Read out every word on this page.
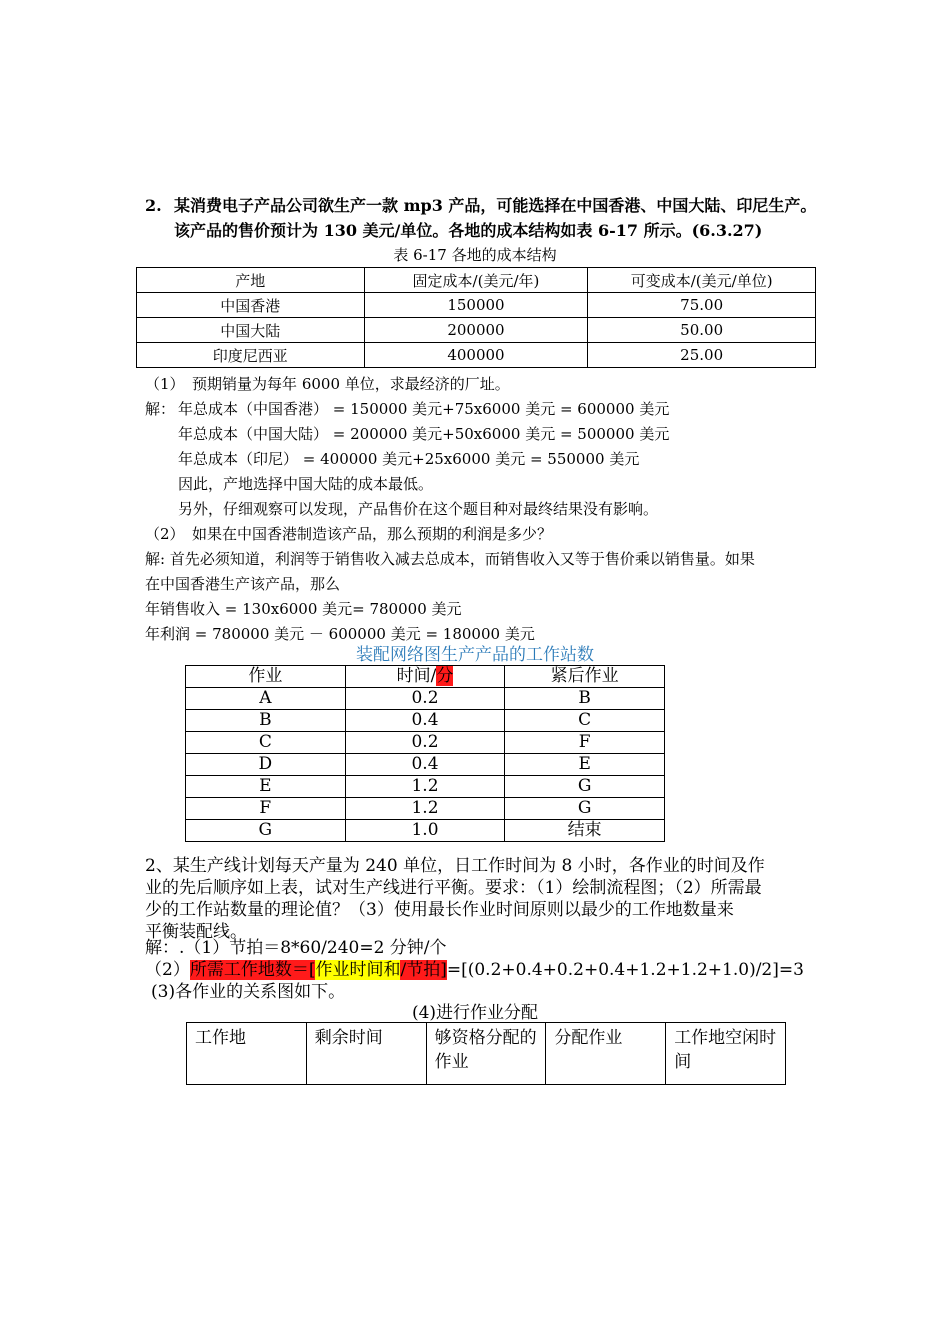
2. 某消费电子产品公司欲生产一款 mp3 产品，可能选择在中国香港、中国大陆、印尼生产。
该产品的售价预计为 130 美元/单位。各地的成本结构如表 6-17 所示。(6.3.27)
表 6-17 各地的成本结构
产地	固定成本/(美元/年)	可变成本/(美元/单位)
中国香港	150000	75.00
中国大陆	200000	50.00
印度尼西亚	400000	25.00
（1）　预期销量为每年 6000 单位，求最经济的厂址。
解： 年总成本（中国香港） = 150000 美元+75x6000 美元 = 600000 美元
年总成本（中国大陆） = 200000 美元+50x6000 美元 = 500000 美元
年总成本（印尼） = 400000 美元+25x6000 美元 = 550000 美元
因此，产地选择中国大陆的成本最低。
另外，仔细观察可以发现，产品售价在这个题目种对最终结果没有影响。
（2）　如果在中国香港制造该产品，那么预期的利润是多少？
解: 首先必须知道，利润等于销售收入减去总成本，而销售收入又等于售价乘以销售量。如果
在中国香港生产该产品，那么
年销售收入 = 130x6000 美元= 780000 美元
年利润 = 780000 美元 － 600000 美元 = 180000 美元
装配网络图生产产品的工作站数
作业	时间/分	紧后作业
A	0.2	B
B	0.4	C
C	0.2	F
D	0.4	E
E	1.2	G
F	1.2	G
G	1.0	结束
2、某生产线计划每天产量为 240 单位，日工作时间为 8 小时，各作业的时间及作
业的先后顺序如上表，试对生产线进行平衡。要求：（1）绘制流程图；（2）所需最
少的工作站数量的理论值？（3）使用最长作业时间原则以最少的工作地数量来
平衡装配线。
解：.（1）节拍＝8*60/240=2 分钟/个
（2）所需工作地数＝[作业时间和/节拍]=[(0.2+0.4+0.2+0.4+1.2+1.2+1.0)/2]=3
(3)各作业的关系图如下。
(4)进行作业分配
工作地	剩余时间	够资格分配的作业	分配作业	工作地空闲时间
